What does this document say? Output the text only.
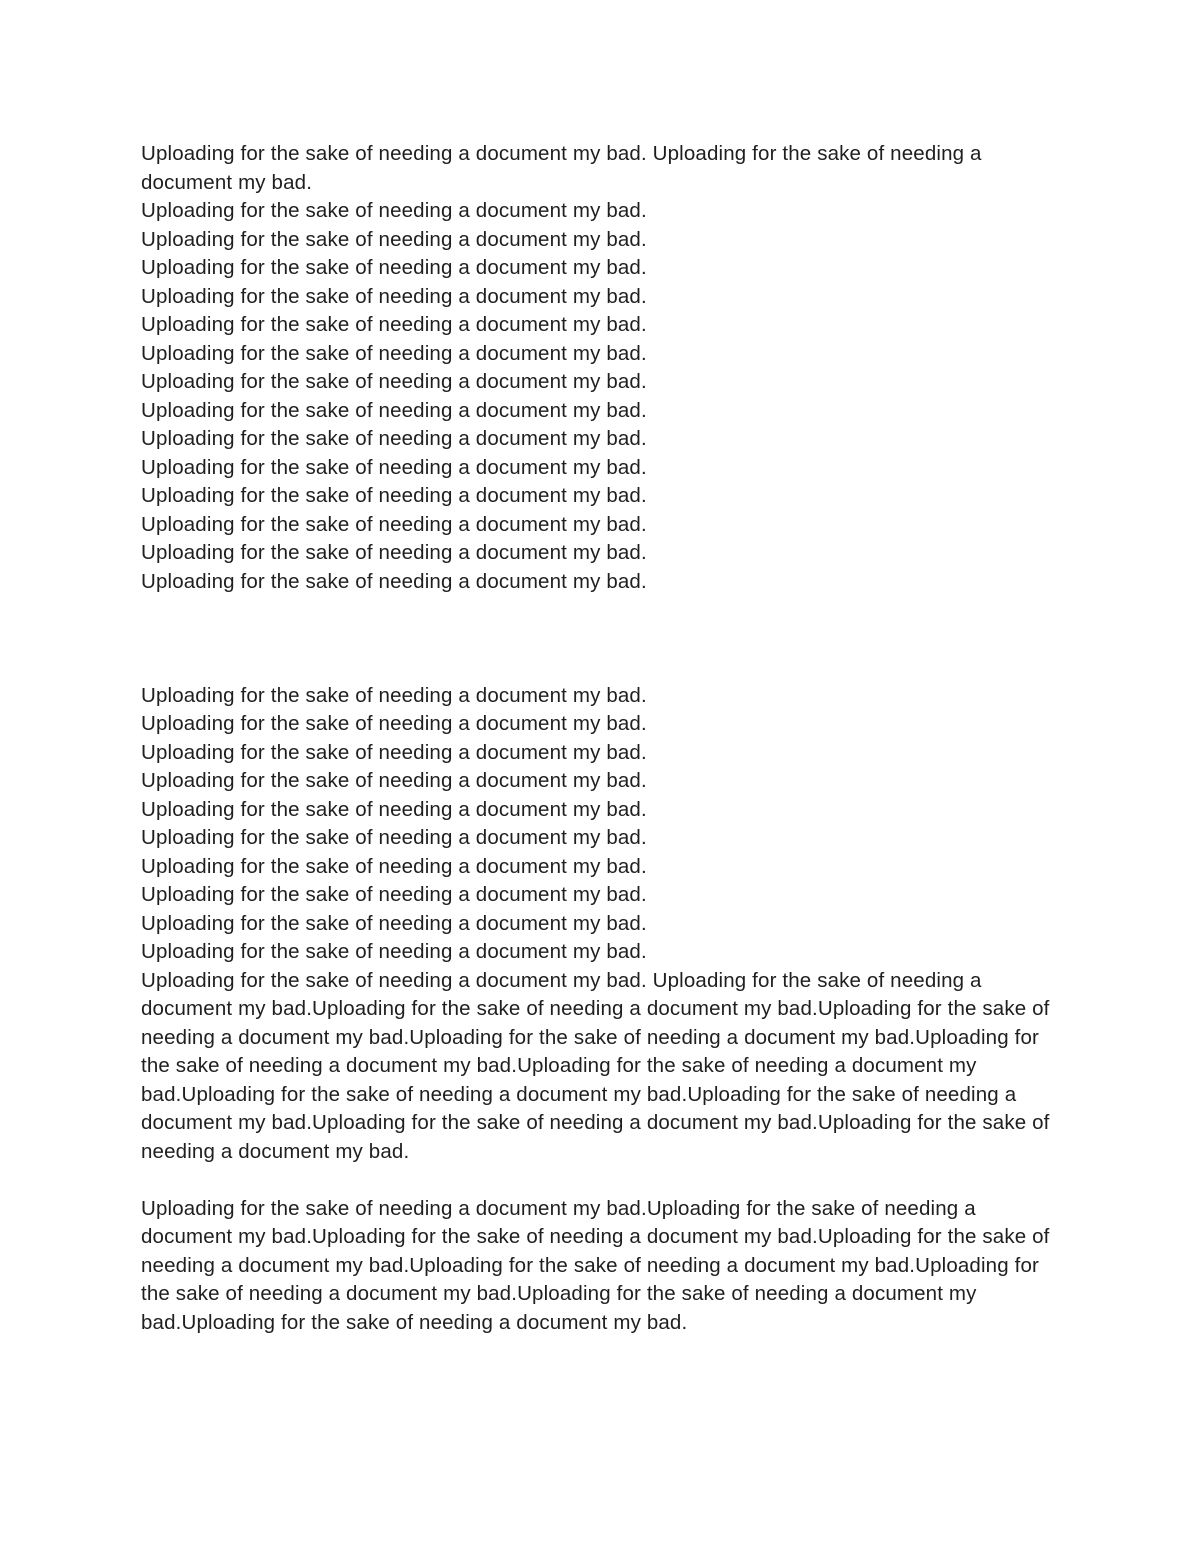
Uploading for the sake of needing a document my bad. Uploading for the sake of needing a document my bad.
Uploading for the sake of needing a document my bad.
Uploading for the sake of needing a document my bad.
Uploading for the sake of needing a document my bad.
Uploading for the sake of needing a document my bad.
Uploading for the sake of needing a document my bad.
Uploading for the sake of needing a document my bad.
Uploading for the sake of needing a document my bad.
Uploading for the sake of needing a document my bad.
Uploading for the sake of needing a document my bad.
Uploading for the sake of needing a document my bad.
Uploading for the sake of needing a document my bad.
Uploading for the sake of needing a document my bad.
Uploading for the sake of needing a document my bad.
Uploading for the sake of needing a document my bad.
Uploading for the sake of needing a document my bad.
Uploading for the sake of needing a document my bad.
Uploading for the sake of needing a document my bad.
Uploading for the sake of needing a document my bad.
Uploading for the sake of needing a document my bad.
Uploading for the sake of needing a document my bad.
Uploading for the sake of needing a document my bad.
Uploading for the sake of needing a document my bad.
Uploading for the sake of needing a document my bad.
Uploading for the sake of needing a document my bad.
Uploading for the sake of needing a document my bad. Uploading for the sake of needing a document my bad.Uploading for the sake of needing a document my bad.Uploading for the sake of needing a document my bad.Uploading for the sake of needing a document my bad.Uploading for the sake of needing a document my bad.Uploading for the sake of needing a document my bad.Uploading for the sake of needing a document my bad.Uploading for the sake of needing a document my bad.Uploading for the sake of needing a document my bad.Uploading for the sake of needing a document my bad.
Uploading for the sake of needing a document my bad.Uploading for the sake of needing a document my bad.Uploading for the sake of needing a document my bad.Uploading for the sake of needing a document my bad.Uploading for the sake of needing a document my bad.Uploading for the sake of needing a document my bad.Uploading for the sake of needing a document my bad.Uploading for the sake of needing a document my bad.
